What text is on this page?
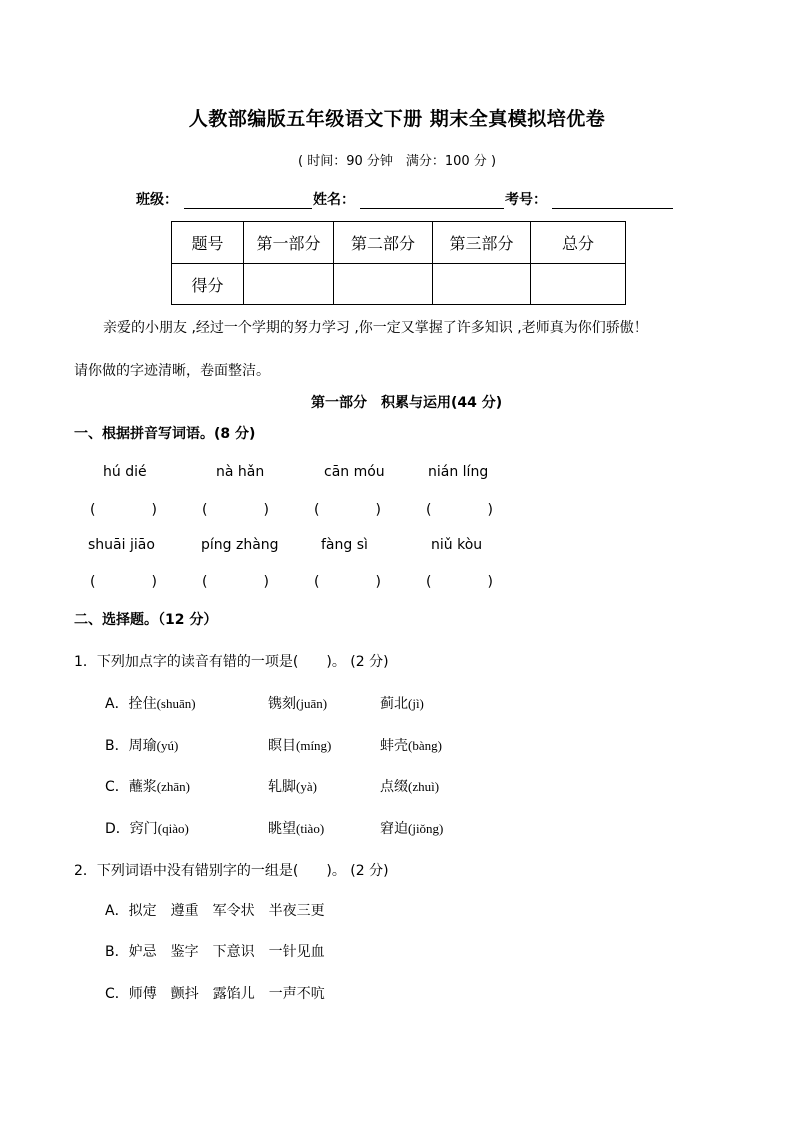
人教部编版五年级语文下册 期末全真模拟培优卷
( 时间：90 分钟　满分：100 分 )
班级：	姓名：	考号：
题号	第一部分	第二部分	第三部分	总分
得分				
亲爱的小朋友 ,经过一个学期的努力学习 ,你一定又掌握了许多知识 ,老师真为你们骄傲！
请你做的字迹清晰，卷面整洁。
第一部分　积累与运用(44 分)
一、根据拼音写词语。(8 分)
hú dié	nà hǎn	cān móu	nián líng
(　　　　)	(　　　　)	(　　　　)	(　　　　)
shuāi jiāo	píng zhàng	fàng sì	niǔ kòu
(　　　　)	(　　　　)	(　　　　)	(　　　　)
二、选择题。（12 分）
1．下列加点字的读音有错的一项是(　　)。 (2 分)
A．拴住(shuān)	镌刻(juān)	蓟北(jì)
B．周瑜(yú)	瞑目(míng)	蚌壳(bàng)
C．蘸浆(zhān)	轧脚(yà)	点缀(zhuì)
D．窍门(qiào)	眺望(tiào)	窘迫(jiǒng)
2．下列词语中没有错别字的一组是(　　)。 (2 分)
A．拟定　遵重　军令状　半夜三更
B．妒忌　鉴字　下意识　一针见血
C．师傅　颤抖　露馅儿　一声不吭
